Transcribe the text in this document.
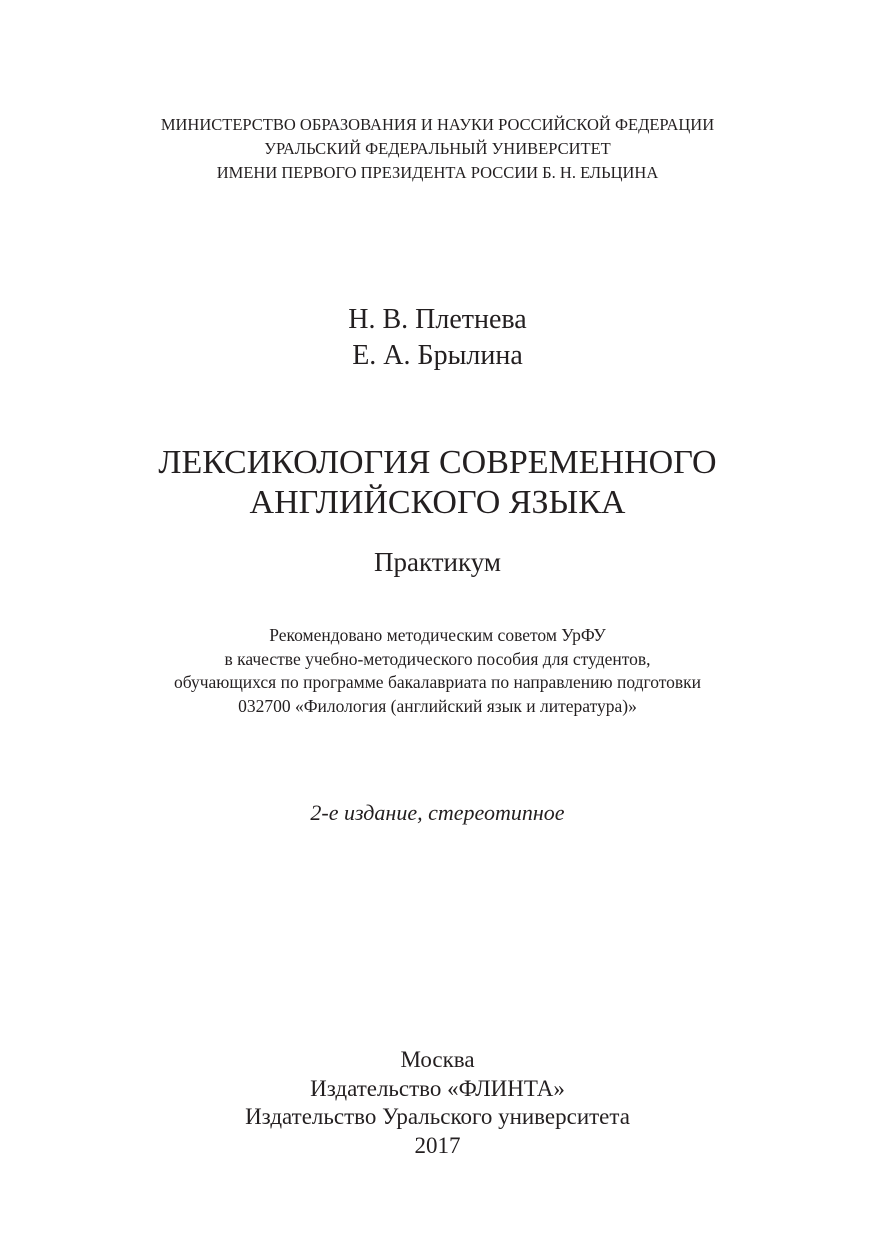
МИНИСТЕРСТВО ОБРАЗОВАНИЯ И НАУКИ РОССИЙСКОЙ ФЕДЕРАЦИИ
УРАЛЬСКИЙ ФЕДЕРАЛЬНЫЙ УНИВЕРСИТЕТ
ИМЕНИ ПЕРВОГО ПРЕЗИДЕНТА РОССИИ Б. Н. ЕЛЬЦИНА
Н. В. Плетнева
Е. А. Брылина
ЛЕКСИКОЛОГИЯ СОВРЕМЕННОГО
АНГЛИЙСКОГО ЯЗЫКА
Практикум
Рекомендовано методическим советом УрФУ
в качестве учебно-методического пособия для студентов,
обучающихся по программе бакалавриата по направлению подготовки
032700 «Филология (английский язык и литература)»
2-е издание, стереотипное
Москва
Издательство «ФЛИНТА»
Издательство Уральского университета
2017
